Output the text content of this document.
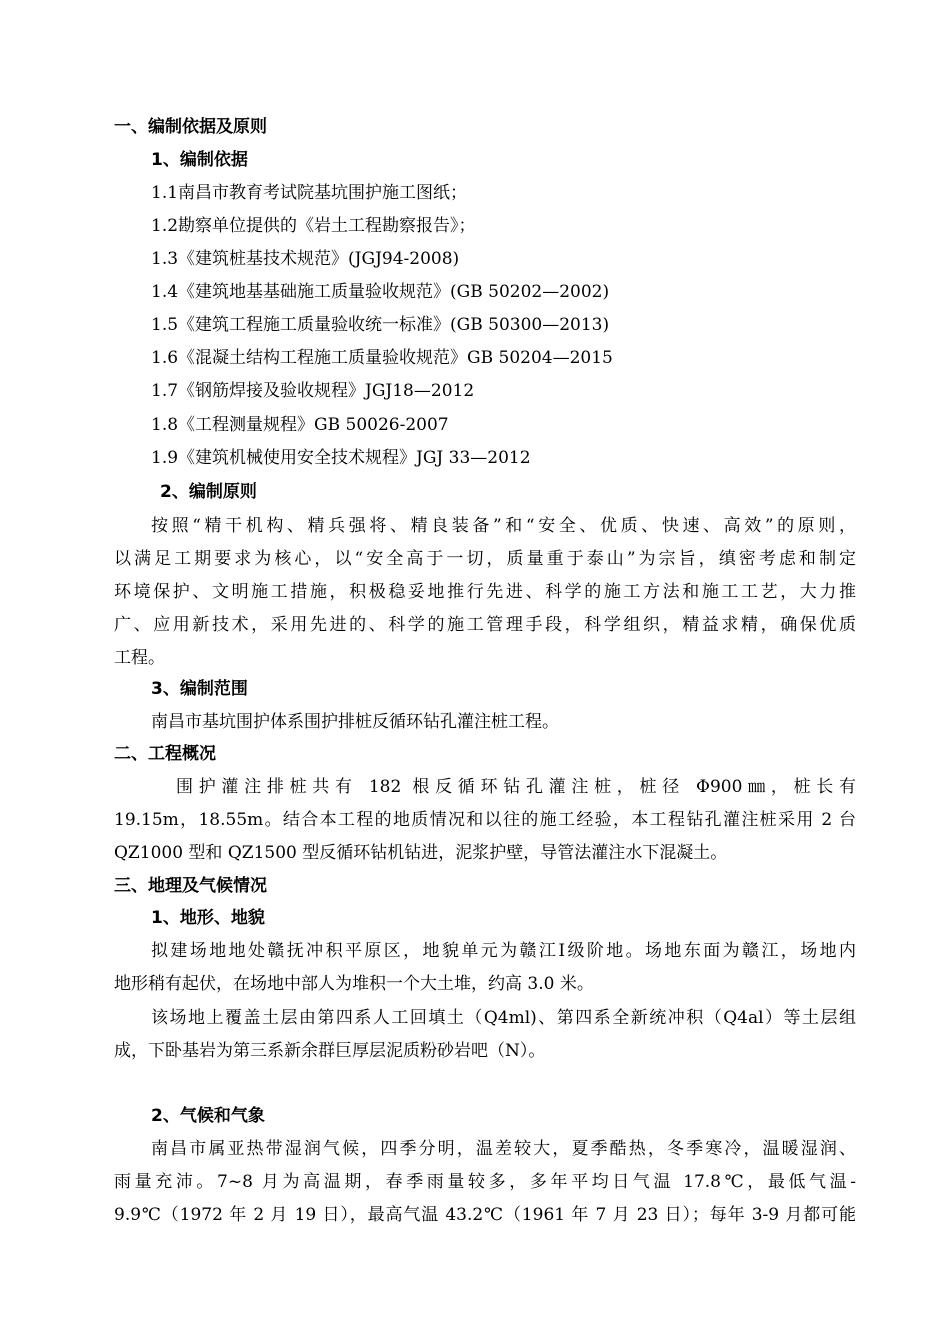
一、编制依据及原则
1、编制依据
1.1南昌市教育考试院基坑围护施工图纸；
1.2勘察单位提供的《岩土工程勘察报告》；
1.3《建筑桩基技术规范》(JGJ94-2008)
1.4《建筑地基基础施工质量验收规范》(GB 50202—2002)
1.5《建筑工程施工质量验收统一标准》(GB 50300—2013)
1.6《混凝土结构工程施工质量验收规范》GB 50204—2015
1.7《钢筋焊接及验收规程》JGJ18—2012
1.8《工程测量规程》GB 50026-2007
1.9《建筑机械使用安全技术规程》JGJ 33—2012
2、编制原则
按照“精干机构、精兵强将、精良装备”和“安全、优质、快速、高效”的原则，
以满足工期要求为核心，以“安全高于一切，质量重于泰山”为宗旨，缜密考虑和制定
环境保护、文明施工措施，积极稳妥地推行先进、科学的施工方法和施工工艺，大力推
广、应用新技术，采用先进的、科学的施工管理手段，科学组织，精益求精，确保优质
工程。
3、编制范围
南昌市基坑围护体系围护排桩反循环钻孔灌注桩工程。
二、工程概况
围护灌注排桩共有 182 根反循环钻孔灌注桩，桩径 Φ900㎜，桩长有
19.15m，18.55m。结合本工程的地质情况和以往的施工经验，本工程钻孔灌注桩采用 2 台
QZ1000 型和 QZ1500 型反循环钻机钻进，泥浆护壁，导管法灌注水下混凝土。
三、地理及气候情况
1、地形、地貌
拟建场地地处赣抚冲积平原区，地貌单元为赣江Ⅰ级阶地。场地东面为赣江，场地内
地形稍有起伏，在场地中部人为堆积一个大土堆，约高 3.0 米。
该场地上覆盖土层由第四系人工回填土（Q4ml)、第四系全新统冲积（Q4al）等土层组
成，下卧基岩为第三系新余群巨厚层泥质粉砂岩吧（N）。
2、气候和气象
南昌市属亚热带湿润气候，四季分明，温差较大，夏季酷热，冬季寒冷，温暖湿润、
雨量充沛。7~8 月为高温期，春季雨量较多，多年平均日气温 17.8℃，最低气温-
9.9℃（1972 年 2 月 19 日），最高气温 43.2℃（1961 年 7 月 23 日）；每年 3-9 月都可能
